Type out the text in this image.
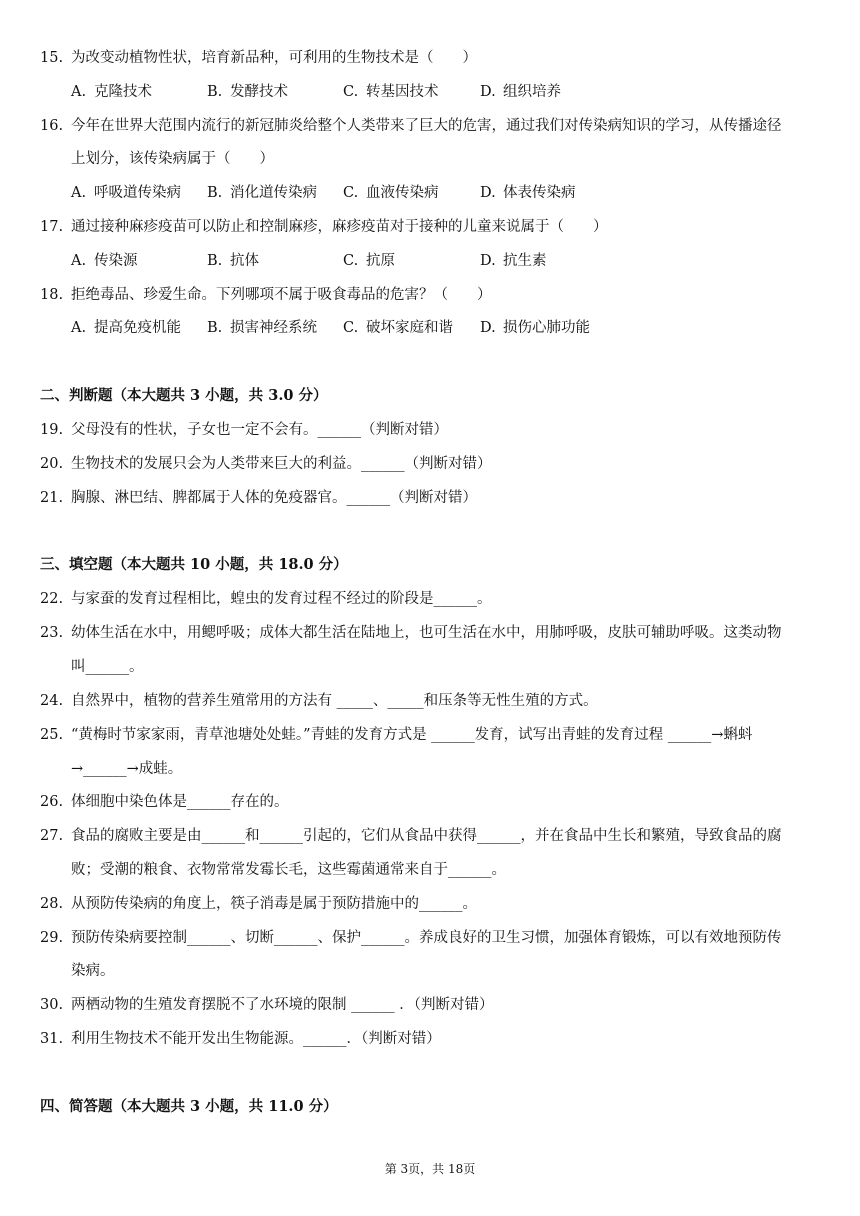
15. 为改变动植物性状，培育新品种，可利用的生物技术是（　　）
A. 克隆技术	B. 发酵技术	C. 转基因技术	D. 组织培养
16. 今年在世界大范围内流行的新冠肺炎给整个人类带来了巨大的危害，通过我们对传染病知识的学习，从传播途径
上划分，该传染病属于（　　）
A. 呼吸道传染病 B. 消化道传染病 C. 血液传染病	D. 体表传染病
17. 通过接种麻疹疫苗可以防止和控制麻疹，麻疹疫苗对于接种的儿童来说属于（　　）
A. 传染源	B. 抗体	C. 抗原	D. 抗生素
18. 拒绝毒品、珍爱生命。下列哪项不属于吸食毒品的危害？（　　）
A. 提高免疫机能 B. 损害神经系统 C. 破坏家庭和谐 D. 损伤心肺功能
二、判断题（本大题共 3 小题，共 3.0 分）
19. 父母没有的性状，子女也一定不会有。______（判断对错）
20. 生物技术的发展只会为人类带来巨大的利益。______（判断对错）
21. 胸腺、淋巴结、脾都属于人体的免疫器官。______（判断对错）
三、填空题（本大题共 10 小题，共 18.0 分）
22. 与家蚕的发育过程相比，蝗虫的发育过程不经过的阶段是______。
23. 幼体生活在水中，用鳃呼吸；成体大都生活在陆地上，也可生活在水中，用肺呼吸，皮肤可辅助呼吸。这类动物
叫______。
24. 自然界中，植物的营养生殖常用的方法有 _____、_____和压条等无性生殖的方式。
25. “黄梅时节家家雨，青草池塘处处蛙。”青蛙的发育方式是 ______发育，试写出青蛙的发育过程 ______→蝌蚪
→______→成蛙。
26. 体细胞中染色体是______存在的。
27. 食品的腐败主要是由______和______引起的，它们从食品中获得______，并在食品中生长和繁殖，导致食品的腐
败；受潮的粮食、衣物常常发霉长毛，这些霉菌通常来自于______。
28. 从预防传染病的角度上，筷子消毒是属于预防措施中的______。
29. 预防传染病要控制______、切断______、保护______。养成良好的卫生习惯，加强体育锻炼，可以有效地预防传
染病。
30. 两栖动物的生殖发育摆脱不了水环境的限制 ______ ．（判断对错）
31. 利用生物技术不能开发出生物能源。______．（判断对错）
四、简答题（本大题共 3 小题，共 11.0 分）
第 3页，共 18页
